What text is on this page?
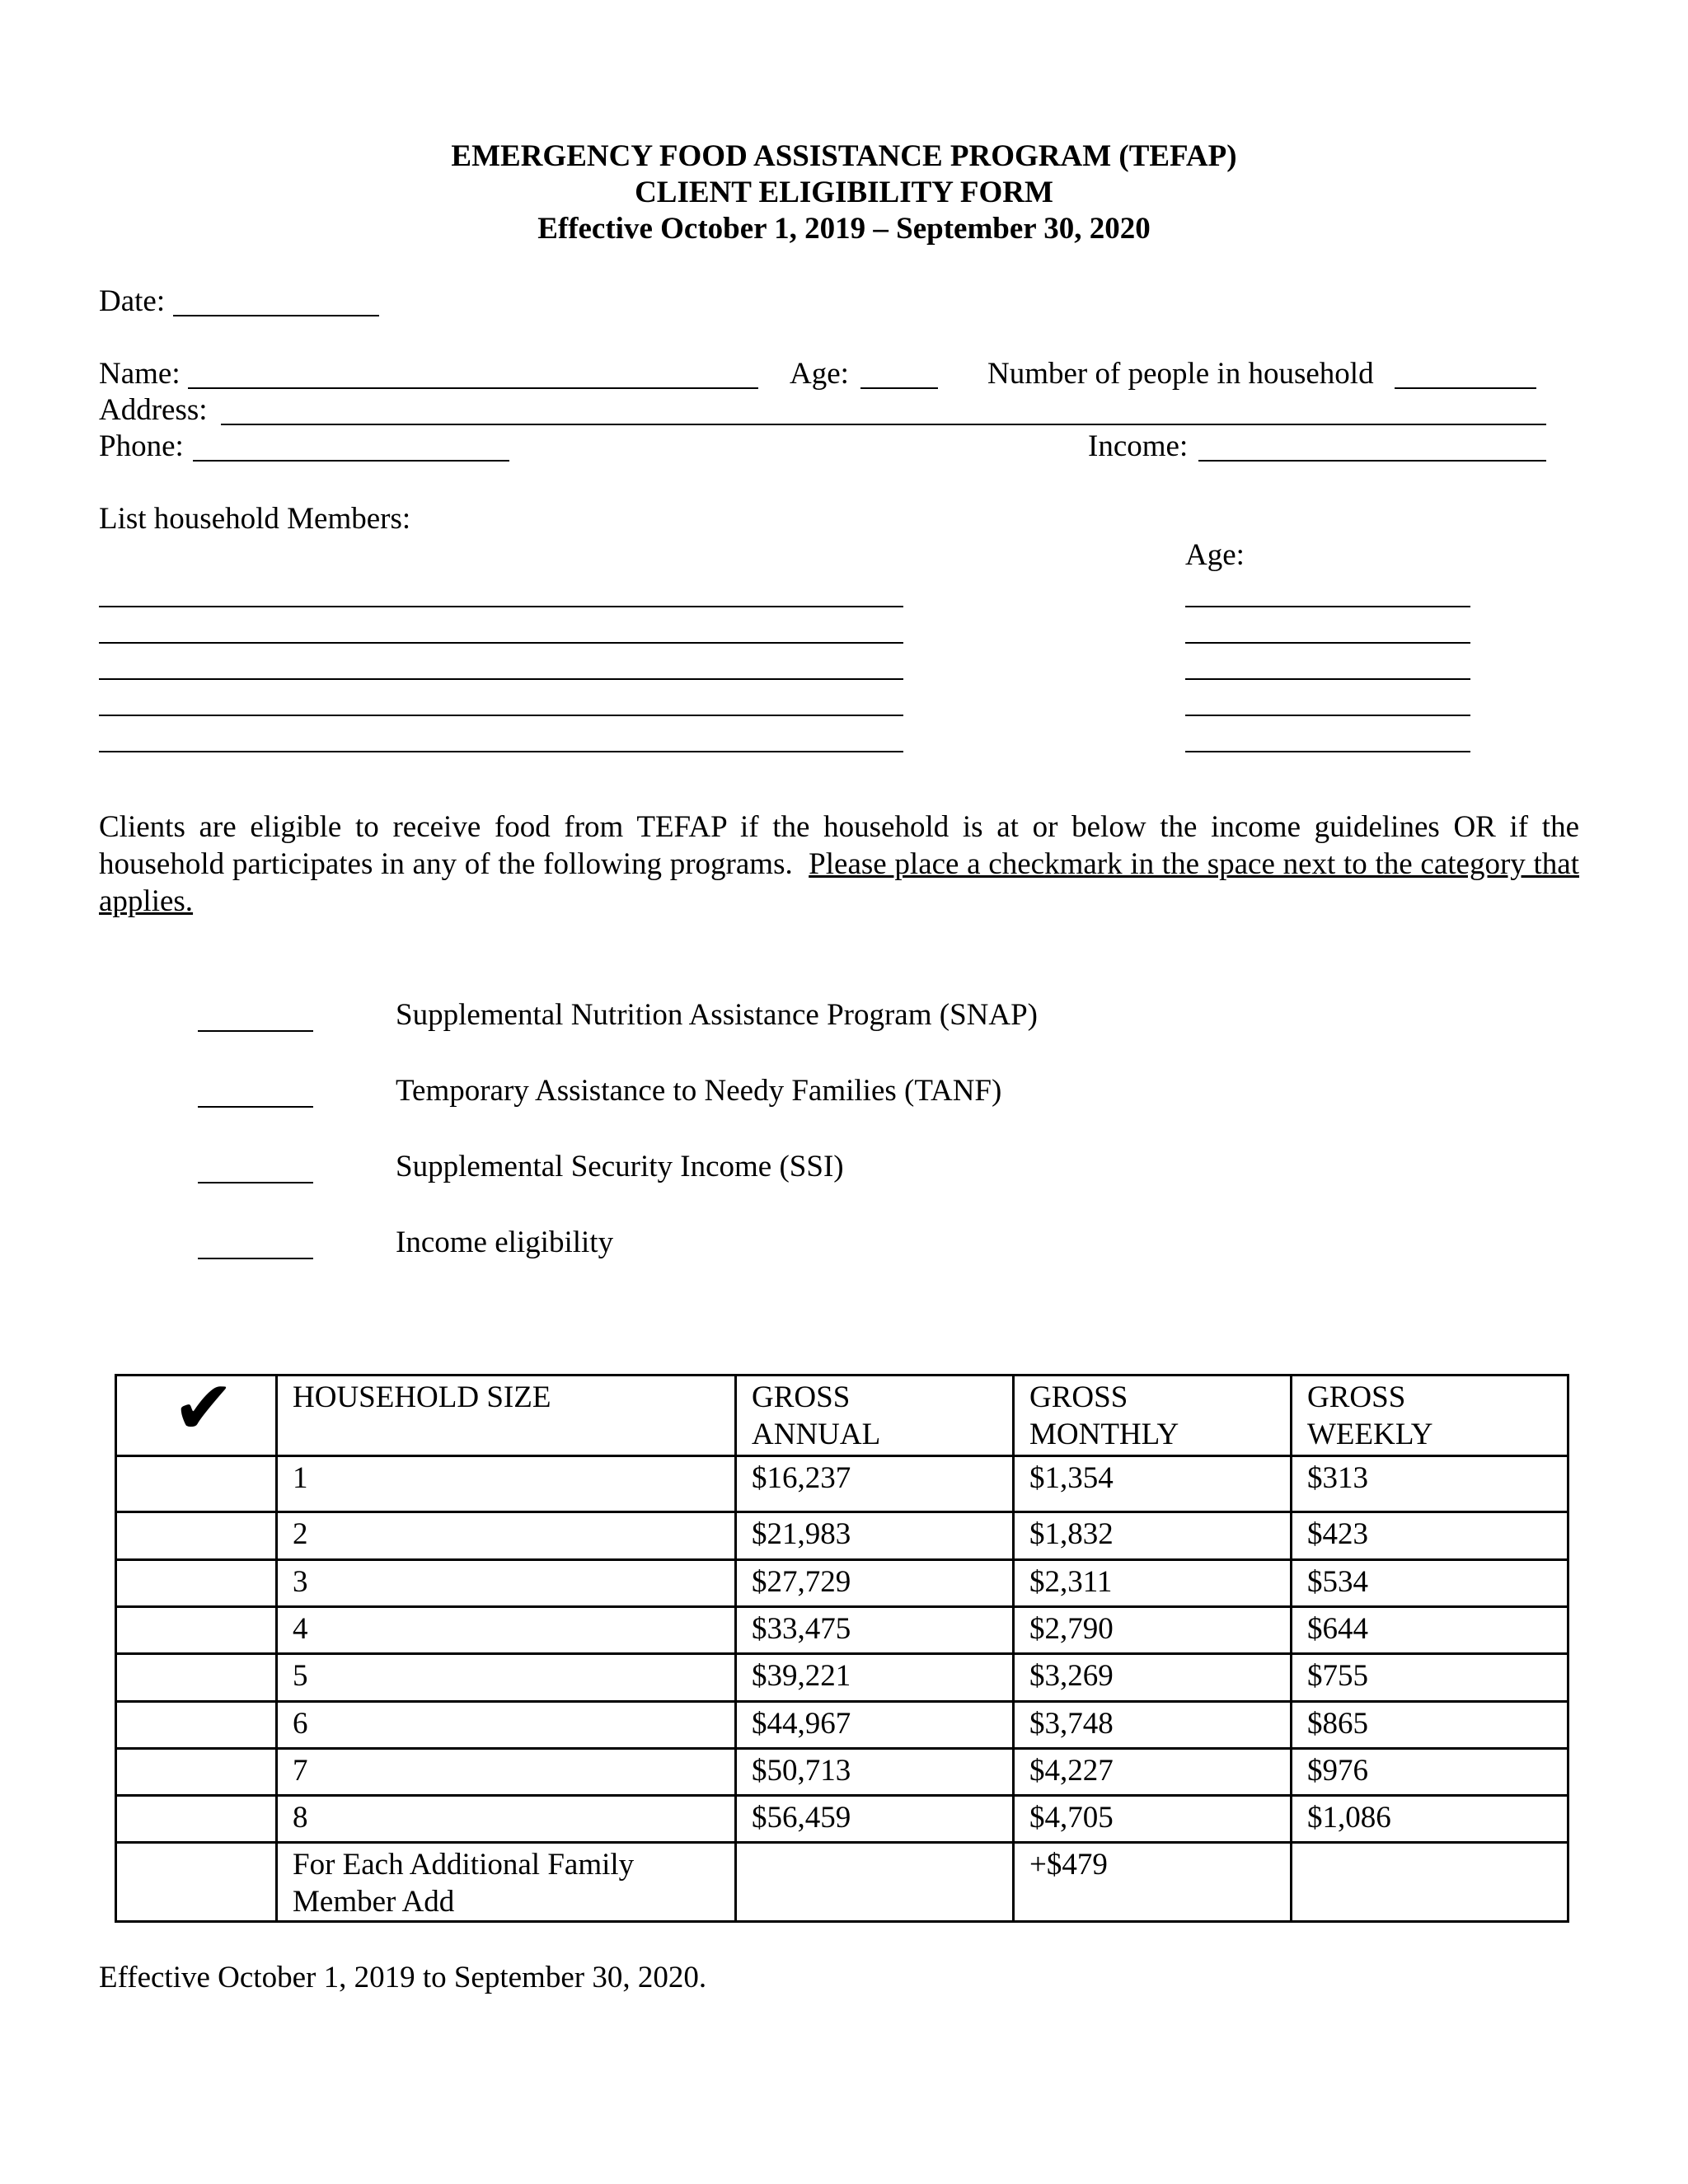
EMERGENCY FOOD ASSISTANCE PROGRAM (TEFAP)
CLIENT ELIGIBILITY FORM
Effective October 1, 2019 – September 30, 2020
Date:
Name:	Age:	Number of people in household
Address:
Phone:	Income:
List household Members:
Age:
Clients are eligible to receive food from TEFAP if the household is at or below the income guidelines OR if the household participates in any of the following programs. Please place a checkmark in the space next to the category that applies.
Supplemental Nutrition Assistance Program (SNAP)
Temporary Assistance to Needy Families (TANF)
Supplemental Security Income (SSI)
Income eligibility
✔	HOUSEHOLD SIZE	GROSS ANNUAL	GROSS MONTHLY	GROSS WEEKLY
	1	$16,237	$1,354	$313
	2	$21,983	$1,832	$423
	3	$27,729	$2,311	$534
	4	$33,475	$2,790	$644
	5	$39,221	$3,269	$755
	6	$44,967	$3,748	$865
	7	$50,713	$4,227	$976
	8	$56,459	$4,705	$1,086
	For Each Additional Family Member Add		+$479	
Effective October 1, 2019 to September 30, 2020.
